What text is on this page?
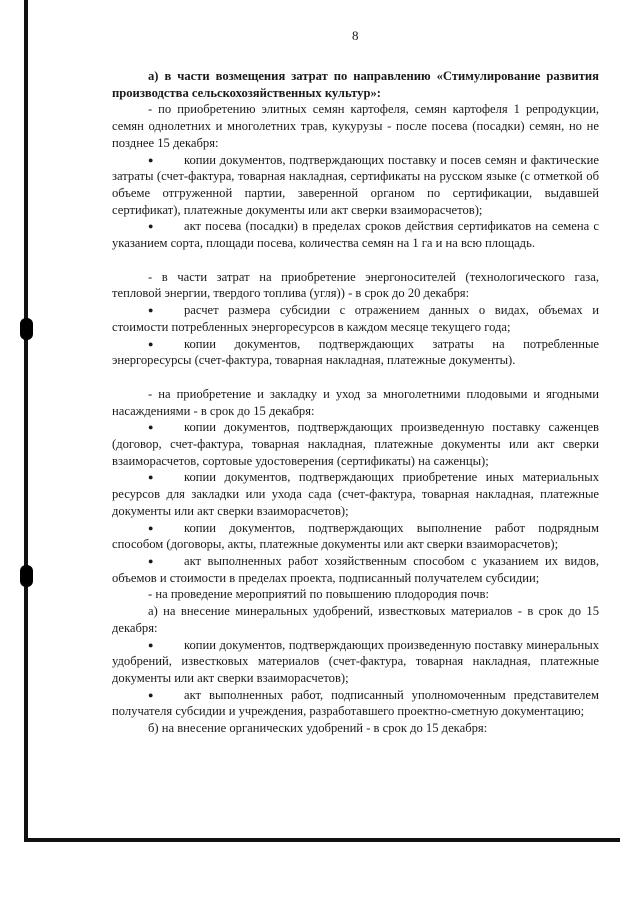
8

а) в части возмещения затрат по направлению «Стимулирование развития производства сельскохозяйственных культур»:

- по приобретению элитных семян картофеля, семян картофеля 1 репродукции, семян однолетних и многолетних трав, кукурузы - после посева (посадки) семян, но не позднее 15 декабря:

● копии документов, подтверждающих поставку и посев семян и фактические затраты (счет-фактура, товарная накладная, сертификаты на русском языке (с отметкой об объеме отгруженной партии, заверенной органом по сертификации, выдавшей сертификат), платежные документы или акт сверки взаиморасчетов);

● акт посева (посадки) в пределах сроков действия сертификатов на семена с указанием сорта, площади посева, количества семян на 1 га и на всю площадь.

- в части затрат на приобретение энергоносителей (технологического газа, тепловой энергии, твердого топлива (угля)) - в срок до 20 декабря:

● расчет размера субсидии с отражением данных о видах, объемах и стоимости потребленных энергоресурсов в каждом месяце текущего года;

● копии документов, подтверждающих затраты на потребленные энергоресурсы (счет-фактура, товарная накладная, платежные документы).

- на приобретение и закладку и уход за многолетними плодовыми и ягодными насаждениями - в срок до 15 декабря:

● копии документов, подтверждающих произведенную поставку саженцев (договор, счет-фактура, товарная накладная, платежные документы или акт сверки взаиморасчетов, сортовые удостоверения (сертификаты) на саженцы);

● копии документов, подтверждающих приобретение иных материальных ресурсов для закладки или ухода сада (счет-фактура, товарная накладная, платежные документы или акт сверки взаиморасчетов);

● копии документов, подтверждающих выполнение работ подрядным способом (договоры, акты, платежные документы или акт сверки взаиморасчетов);

● акт выполненных работ хозяйственным способом с указанием их видов, объемов и стоимости в пределах проекта, подписанный получателем субсидии;

- на проведение мероприятий по повышению плодородия почв:

а) на внесение минеральных удобрений, известковых материалов - в срок до 15 декабря:

● копии документов, подтверждающих произведенную поставку минеральных удобрений, известковых материалов (счет-фактура, товарная накладная, платежные документы или акт сверки взаиморасчетов);

● акт выполненных работ, подписанный уполномоченным представителем получателя субсидии и учреждения, разработавшего проектно-сметную документацию;

б) на внесение органических удобрений - в срок до 15 декабря:
